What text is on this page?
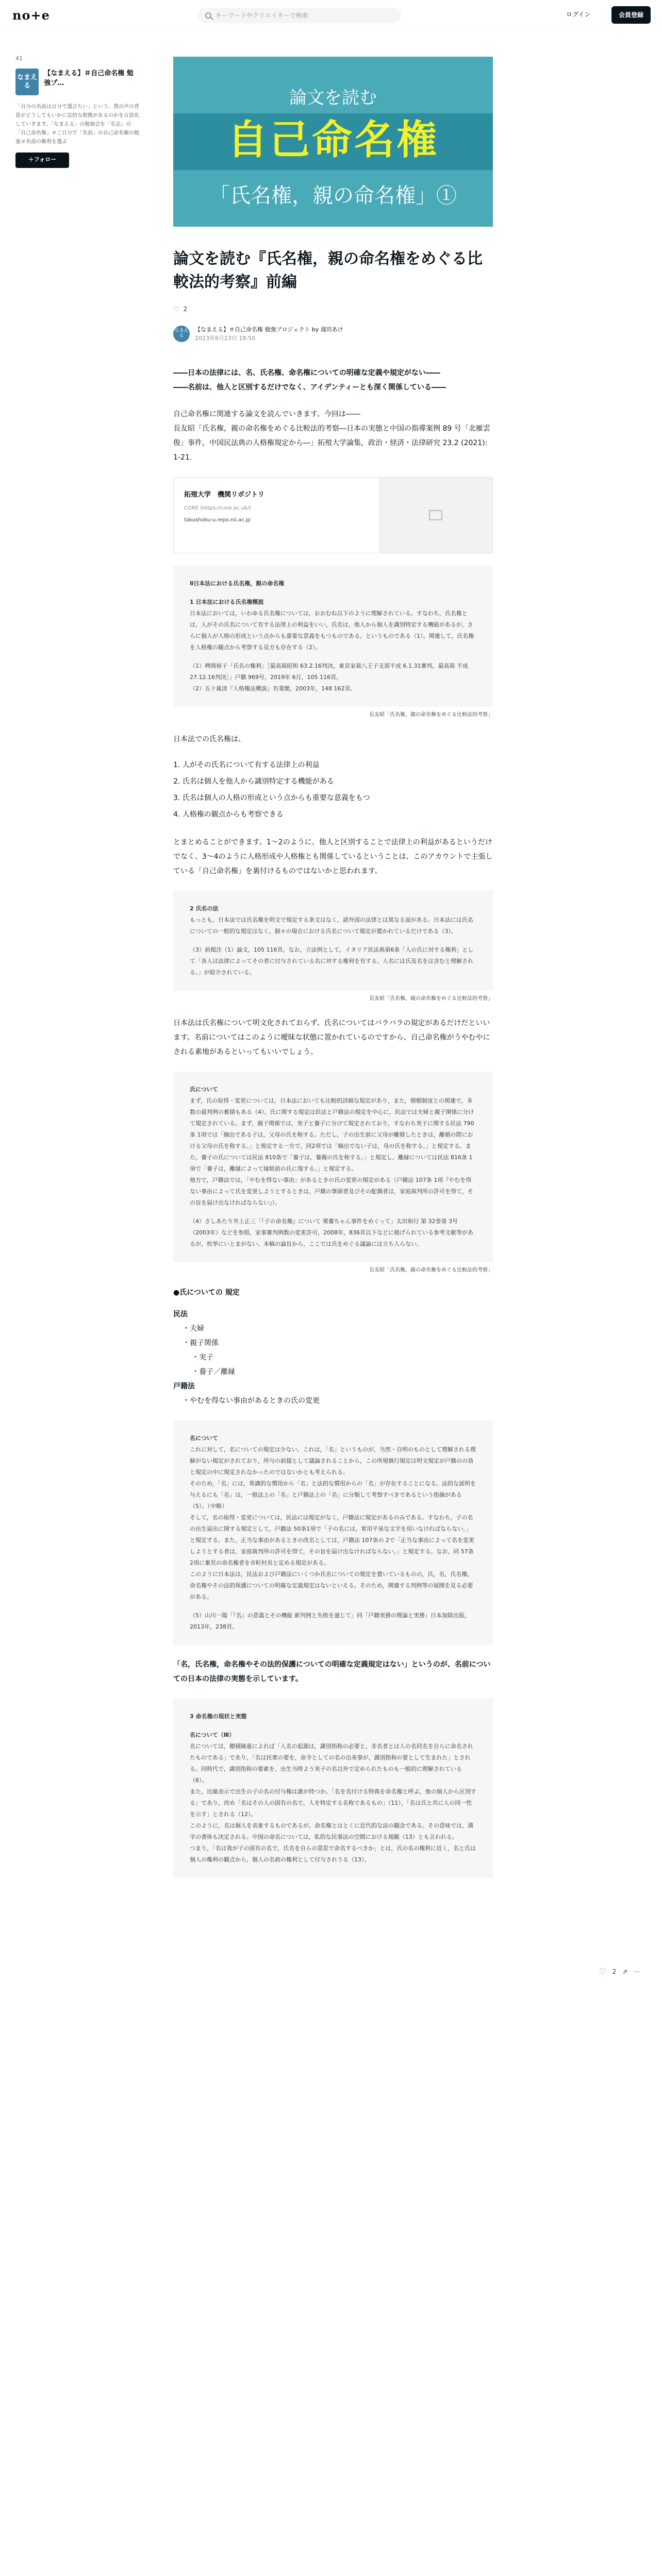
no+e	キーワードやクリエイターで検索	ログイン	会員登録
41
なまえる
【なまえる】＃自己命名権 勉強プ…
「自分の名前は自分で選びたい」という、僕の声の背景がどうしてもいかに法的な根拠があるのかを言語化していきます。「なまえる」の勉強会を「有志」の「自己命名権」＃こ日分で「名前」の自己命名権の勉強＃名前の権利を選ぶ
＋フォロー
論文を読む
自己命名権
「氏名権，親の命名権」①
論文を読む『氏名権，親の命名権をめぐる比較法的考察』前編
♡ 2
なまえる
【なまえる】＃自己命名権 勉強プロジェクト by 滝田あけ
2023年6月23日 18:50
――日本の法律には、名、氏名権、命名権についての明確な定義や規定がない――
――名前は、他人と区別するだけでなく、アイデンティーとも深く関係している――
自己命名権に関連する論文を読んでいきます。今回は――
長友昭「氏名権，親の命名権をめぐる比較法的考察―日本の実態と中国の指導案例 89 号「北雁雲俊」事件，中国民法典の人格権規定から―」拓殖大学論集，政治・経済・法律研究 23.2 (2021): 1-21.
拓殖大学　機関リポジトリ
CORE (https://core.ac.uk/)
takushoku-u.repo.nii.ac.jp
Ⅱ日本法における氏名権，親の命名権
1 日本法における氏名権概説
日本法においては，いわゆる氏名権については，おおむね以下のように理解されている。すなわち，氏名権とは，人がその氏名について有する法律上の利益をいい，氏名は，他人から個人を識別特定する機能があるが，さらに個人が人格の形成という点からも重要な意義をもつものである。というものである（1）。関連して，氏名権を人格権の観点から考察する見方も存在する（2）。
（1）稗岡裕子「氏名の権利」［最高裁昭和 63.2.16判決，東京家裁八王子支部平成 6.1.31審判，最高裁 平成 27.12.16判決］」戸籍 969号，2019年 6月，105 116頁。
（2）五十嵐清『人格権法概説』有斐閣，2003年，148 162頁。
長友昭「氏名権，親の命名権をめぐる比較法的考察」
日本法での氏名権は、
1. 人がその氏名について有する法律上の利益
2. 氏名は個人を他人から識別特定する機能がある
3. 氏名は個人の人格の形成という点からも重要な意義をもつ
4. 人格権の観点からも考察できる
とまとめることができます。1～2のように、他人と区別することで法律上の利益があるというだけでなく、3～4のように人格形成や人格権とも関係しているということは、このアカウントで主張している「自己命名権」を裏付けるものではないかと思われます。
2 氏名の法
もっとも，日本法では氏名権を明文で規定する条文はなく，諸外国の法律とは異なる面がある。日本法には氏名についての一般的な規定はなく，個々の場合における氏名について規定が置かれているだけである（3）。
（3）前掲注（1）論文，105 116頁。なお，立法例として，イタリア民法典第6条「人の氏に対する権利」として「各人は法律によってその者に付与されている名に対する権利を有する。人名には氏及名をは含むと理解される。」が紹介されている。
長友昭「氏名権，親の命名権をめぐる比較法的考察」
日本法は氏名権について明文化されておらず、氏名についてはバラバラの規定があるだけだといいます。名前についてはこのように曖昧な状態に置かれているのですから、自己命名権がうやむやにされる素地があるといってもいいでしょう。
氏について
まず，氏の取得・変更については，日本法においても比較的詳細な規定があり，また，婚姻制度との関連で，多数の最判例の蓄積もある（4）。氏に関する規定は民法と戸籍法の規定を中心に，民法では夫婦と親子関係に分けて規定されている。まず，親子関係では，実子と養子に分けて規定されており，すなわち実子に関する民法 790条 1項では「嫡出である子は，父母の氏を称する。ただし，子の出生前に父母が離婚したときは，離婚の際における父母の氏を称する。」と規定する一方で，同2項では「嫡出でない子は，母の氏を称する。」と規定する。また，養子の氏については民法 810条で「養子は，養親の氏を称する。」と規定し，離縁については民法 816条 1項で「養子は，離縁によって縁組前の氏に復する。」と規定する。
他方で，戸籍法では，「やむを得ない事由」があるときの氏の変更の規定がある（戸籍法 107条 1項『やむを得ない事由によって氏を変更しようとするときは，戸籍の筆頭者及びその配偶者は，家庭裁判所の許可を得て，その旨を届け出なければならない』）。
（4）さしあたり井上正三「『子の命名権』について 栗養ちゃん事件をめぐって」太田和行 第 32巻第 3号（2003年）などを参照，家事審判例数の変更許可，2008年，836頁以下などに掲げられている参考文献等があるが，枚挙にいとまがない。本稿の論旨から，ここでは氏をめぐる議論には立ち入らない。
長友昭「氏名権，親の命名権をめぐる比較法的考察」
●氏についての 規定
民法
・夫婦
・親子関係
・実子
・養子／離縁
戸籍法
・やむを得ない事由があるときの氏の変更
名について
これに対して，名についての規定は少ない。これは，「名」というものが，当然・自明のものとして理解される理解がない規定がされており，所与の前提として議論されることから，この所規慎行規定は明文規定が戸籍のの効と規定の中に規定されなかったのではないかとも考えられる。
そのため，「名」には，常識的な慣用から「名」と法的な慣用からの「名」が存在することになる。法的な説明を与えるにも「名」は，一般法上の「名」と戸籍法上の「名」に分類して考察すべきであるという指摘がある（5）。（中略）
そして，名の取得・変更については，民法には規定がなく，戸籍法に規定があるのみである。すなわち，子の名の出生届出に関する規定として，戸籍法 50条1項で「子の名には，常用平易な文字を用いなければならない。」と規定する。また，正当な事由があるときの改名としては，戸籍法 107条の 2で「正当な事由によって名を変更しようとする者は，家庭裁判所の許可を得て，その旨を届け出なければならない。」と規定する。なお，同 57条 2項に棄児の命名権者を市町村長と定める規定がある。
このように日本法は，民法および戸籍法にいくつか氏名についての規定を置いているものの，氏，名，氏名権，命名権やその法的保護についての明確な定義規定はないといえる。そのため，関連する判例等の展開を見る必要がある。
（5）山川一陽「『名』の意義とその機能 新判例と失敗を通じて」同「戸籍実務の理論と実務」日本加除出版，2013年，238頁。
「名，氏名権，命名権やその法的保護についての明確な定義規定はない」というのが、名前についての日本の法律の実態を示しています。
3 命名権の現状と実態
名について（Ⅲ）
名については，穂積陳重によれば「人名の起源は，識別指称の必要と，非名者とは人の名同名を自らに命名されたものである」であり，「名は民衆の要を，命令としての名の出来事が，識別指称の要として生まれた」とされる。同時代で，識別指称の要素を，出生当時よう実子の名以外で定められたものも一般的に理解されている（6）。
また，比喩表示で出生の子の名の付与権は誰が持つか。「名を名付ける特典を命名権と呼ぶ，他の個人から区別する」であり，改め「名はその人の固有の名で，人を特定する名称であるもの」（11），「名は氏と共に人の同一性を示す」とされる（12）。
このように，名は個人を表象するものであるが，命名権とはとくに近代的な法の観念である。その意味では，漢字の書体も決定される。中国の命名については，私的な民事法の空間における規範（13）とも言われる。
つまり，「名は我が子の固有の名で，氏名を自らの意思で命名するべきか」とは，氏の名の権利に近く，名と氏は個人の権利の観点から，個人の名前の権利として付与されうる（13）。
♡ 2 ⇗ ⋯
